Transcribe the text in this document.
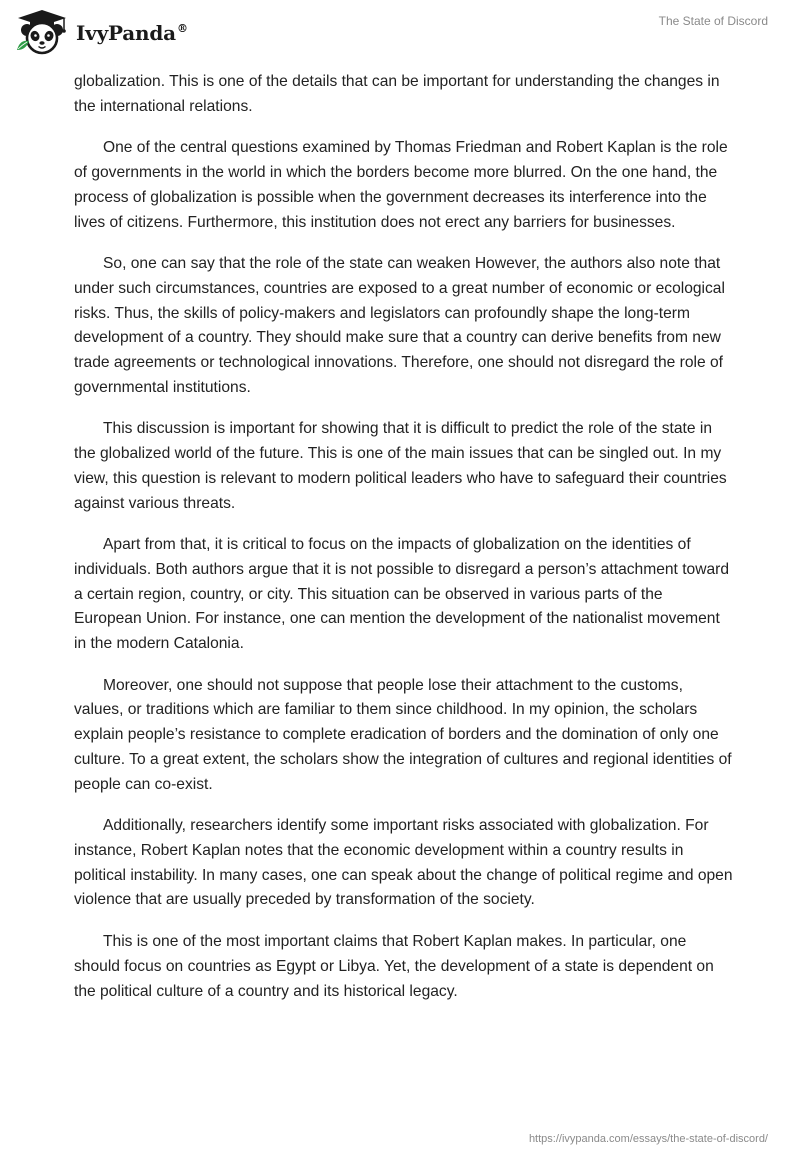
IvyPanda®
The State of Discord

globalization. This is one of the details that can be important for understanding the changes in the international relations.

One of the central questions examined by Thomas Friedman and Robert Kaplan is the role of governments in the world in which the borders become more blurred. On the one hand, the process of globalization is possible when the government decreases its interference into the lives of citizens. Furthermore, this institution does not erect any barriers for businesses.

So, one can say that the role of the state can weaken However, the authors also note that under such circumstances, countries are exposed to a great number of economic or ecological risks. Thus, the skills of policy-makers and legislators can profoundly shape the long-term development of a country. They should make sure that a country can derive benefits from new trade agreements or technological innovations. Therefore, one should not disregard the role of governmental institutions.

This discussion is important for showing that it is difficult to predict the role of the state in the globalized world of the future. This is one of the main issues that can be singled out. In my view, this question is relevant to modern political leaders who have to safeguard their countries against various threats.

Apart from that, it is critical to focus on the impacts of globalization on the identities of individuals. Both authors argue that it is not possible to disregard a person’s attachment toward a certain region, country, or city. This situation can be observed in various parts of the European Union. For instance, one can mention the development of the nationalist movement in the modern Catalonia.

Moreover, one should not suppose that people lose their attachment to the customs, values, or traditions which are familiar to them since childhood. In my opinion, the scholars explain people’s resistance to complete eradication of borders and the domination of only one culture. To a great extent, the scholars show the integration of cultures and regional identities of people can co-exist.

Additionally, researchers identify some important risks associated with globalization. For instance, Robert Kaplan notes that the economic development within a country results in political instability. In many cases, one can speak about the change of political regime and open violence that are usually preceded by transformation of the society.

This is one of the most important claims that Robert Kaplan makes. In particular, one should focus on countries as Egypt or Libya. Yet, the development of a state is dependent on the political culture of a country and its historical legacy.

https://ivypanda.com/essays/the-state-of-discord/
